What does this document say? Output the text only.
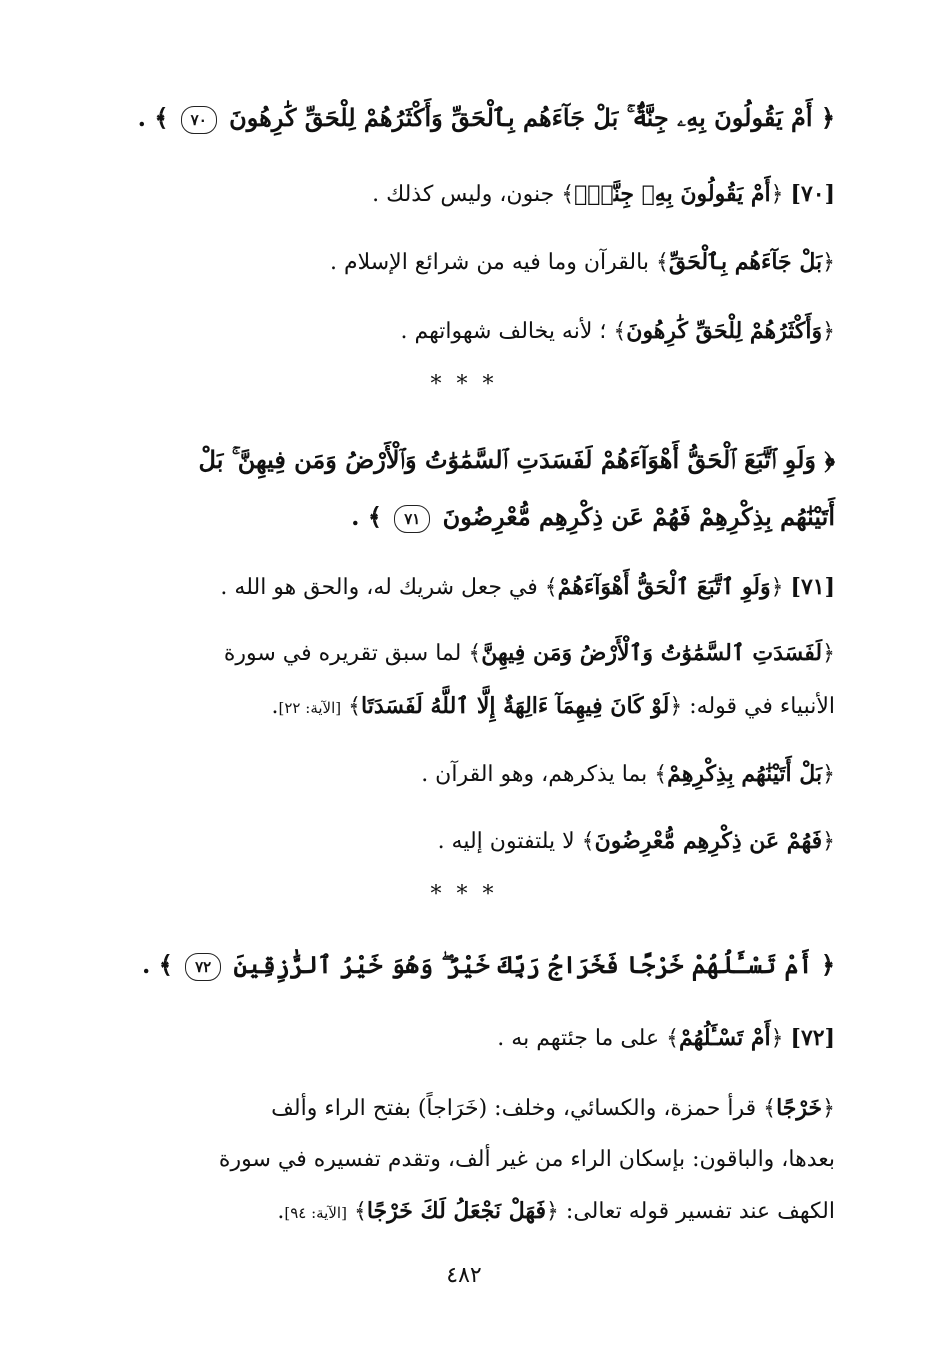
﴿ أَمْ يَقُولُونَ بِهِۦ جِنَّةٌۢ ۚ بَلْ جَآءَهُم بِٱلْحَقِّ وَأَكْثَرُهُمْ لِلْحَقِّ كَٰرِهُونَ ٧٠ ﴾ .
[٧٠] ﴿أَمْ يَقُولُونَ بِهِۦ جِنَّةٌۢ﴾ جنون، وليس كذلك .
﴿بَلْ جَآءَهُم بِٱلْحَقِّ﴾ بالقرآن وما فيه من شرائع الإسلام .
﴿وَأَكْثَرُهُمْ لِلْحَقِّ كَٰرِهُونَ﴾ ؛ لأنه يخالف شهواتهم .
* * *
﴿ وَلَوِ ٱتَّبَعَ ٱلْحَقُّ أَهْوَآءَهُمْ لَفَسَدَتِ ٱلسَّمَٰوَٰتُ وَٱلْأَرْضُ وَمَن فِيهِنَّ ۚ بَلْ
أَتَيْنَٰهُم بِذِكْرِهِمْ فَهُمْ عَن ذِكْرِهِم مُّعْرِضُونَ ٧١ ﴾ .
[٧١] ﴿وَلَوِ ٱتَّبَعَ ٱلْحَقُّ أَهْوَآءَهُمْ﴾ في جعل شريك له، والحق هو الله .
﴿لَفَسَدَتِ ٱلسَّمَٰوَٰتُ وَٱلْأَرْضُ وَمَن فِيهِنَّ﴾ لما سبق تقريره في سورة
الأنبياء في قوله: ﴿لَوْ كَانَ فِيهِمَآ ءَالِهَةٌ إِلَّا ٱللَّهُ لَفَسَدَتَا﴾ [الآية: ٢٢].
﴿بَلْ أَتَيْنَٰهُم بِذِكْرِهِمْ﴾ بما يذكرهم، وهو القرآن .
﴿فَهُمْ عَن ذِكْرِهِم مُّعْرِضُونَ﴾ لا يلتفتون إليه .
* * *
﴿ أَمْ تَسْـَٔلُهُمْ خَرْجًا فَخَرَاجُ رَبِّكَ خَيْرٌ ۖ وَهُوَ خَيْرُ ٱلرَّٰزِقِينَ ٧٢ ﴾ .
[٧٢] ﴿أَمْ تَسْـَٔلُهُمْ﴾ على ما جئتهم به .
﴿خَرْجًا﴾ قرأ حمزة، والكسائي، وخلف: (خَرَاجاً) بفتح الراء وألف
بعدها، والباقون: بإسكان الراء من غير ألف، وتقدم تفسيره في سورة
الكهف عند تفسير قوله تعالى: ﴿فَهَلْ نَجْعَلُ لَكَ خَرْجًا﴾ [الآية: ٩٤].
٤٨٢
